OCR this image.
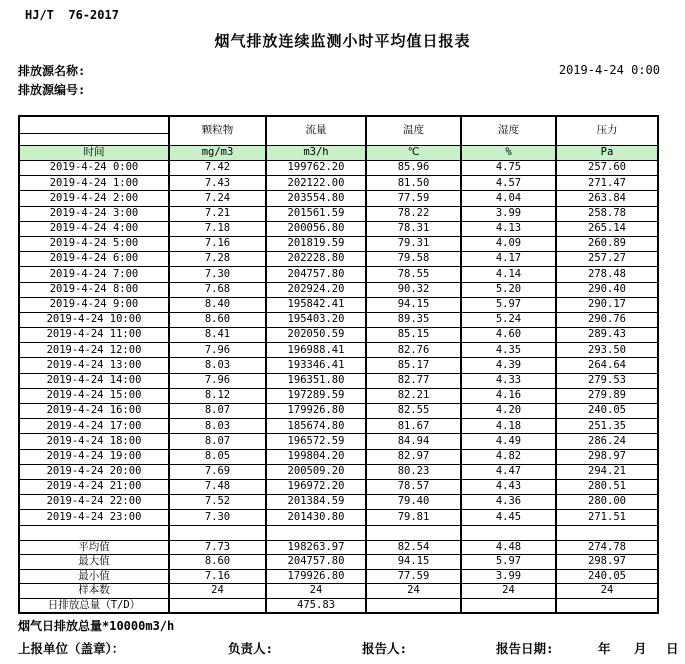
HJ/T  76-2017
烟气排放连续监测小时平均值日报表
排放源名称:
排放源编号:
2019-4-24 0:00
	颗粒物	流量	温度	湿度	压力

时间	mg/m3	m3/h	℃	%	Pa
2019-4-24 0:00	7.42	199762.20	85.96	4.75	257.60
2019-4-24 1:00	7.43	202122.00	81.50	4.57	271.47
2019-4-24 2:00	7.24	203554.80	77.59	4.04	263.84
2019-4-24 3:00	7.21	201561.59	78.22	3.99	258.78
2019-4-24 4:00	7.18	200056.80	78.31	4.13	265.14
2019-4-24 5:00	7.16	201819.59	79.31	4.09	260.89
2019-4-24 6:00	7.28	202228.80	79.58	4.17	257.27
2019-4-24 7:00	7.30	204757.80	78.55	4.14	278.48
2019-4-24 8:00	7.68	202924.20	90.32	5.20	290.40
2019-4-24 9:00	8.40	195842.41	94.15	5.97	290.17
2019-4-24 10:00	8.60	195403.20	89.35	5.24	290.76
2019-4-24 11:00	8.41	202050.59	85.15	4.60	289.43
2019-4-24 12:00	7.96	196988.41	82.76	4.35	293.50
2019-4-24 13:00	8.03	193346.41	85.17	4.39	264.64
2019-4-24 14:00	7.96	196351.80	82.77	4.33	279.53
2019-4-24 15:00	8.12	197289.59	82.21	4.16	279.89
2019-4-24 16:00	8.07	179926.80	82.55	4.20	240.05
2019-4-24 17:00	8.03	185674.80	81.67	4.18	251.35
2019-4-24 18:00	8.07	196572.59	84.94	4.49	286.24
2019-4-24 19:00	8.05	199804.20	82.97	4.82	298.97
2019-4-24 20:00	7.69	200509.20	80.23	4.47	294.21
2019-4-24 21:00	7.48	196972.20	78.57	4.43	280.51
2019-4-24 22:00	7.52	201384.59	79.40	4.36	280.00
2019-4-24 23:00	7.30	201430.80	79.81	4.45	271.51

平均值	7.73	198263.97	82.54	4.48	274.78
最大值	8.60	204757.80	94.15	5.97	298.97
最小值	7.16	179926.80	77.59	3.99	240.05
样本数	24	24	24	24	24
日排放总量（T/D）		475.83			
烟气日排放总量*10000m3/h
上报单位（盖章）：	负责人:	报告人:	报告日期:	年 月 日
